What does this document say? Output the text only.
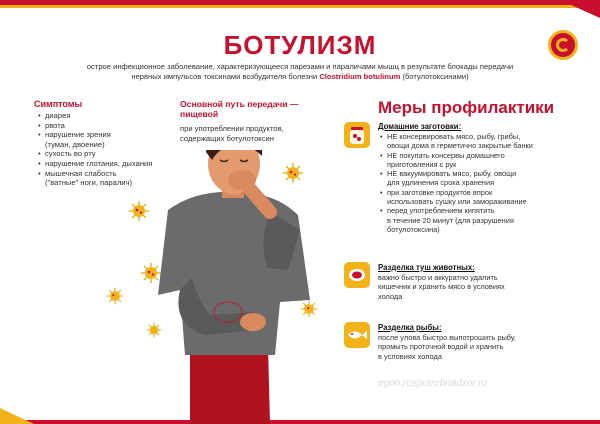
БОТУЛИЗМ
острое инфекционное заболевание, характеризующееся парезами и параличами мышц в результате блокады передачи
нервных импульсов токсинами возбудителя болезни Clostridium botulinum (ботулотоксинами)
Симптомы
• диарея
• рвота
• нарушение зрения
(туман, двоение)
• сухость во рту
• нарушение глотания, дыхания
• мышечная слабость
("ватные" ноги, паралич)
Основной путь передачи — пищевой
при употреблении продуктов, содержащих ботулотоксин
Меры профилактики
Домашние заготовки:
• НЕ консервировать мясо, рыбу, грибы,
овощи дома в герметично закрытые банки
• НЕ покупать консервы домашнего
приготовления с рук
• НЕ вакуумировать мясо, рыбу, овощи
для удлинения срока хранения
• при заготовке продуктов впрок
использовать сушку или замораживание
• перед употреблением кипятить
в течение 20 минут (для разрушения
ботулотоксина)
Разделка туш животных:
важно быстро и аккуратно удалить
кишечник и хранить мясо в условиях
холода
Разделка рыбы:
после улова быстро выпотрошить рыбу,
промыть проточной водой и хранить
в условиях холода
egon.rospotrebnadzor.ru
